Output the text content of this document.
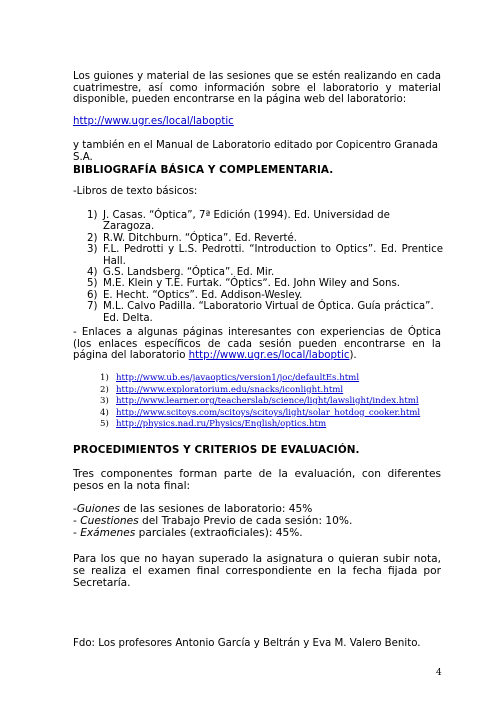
Los guiones y material de las sesiones que se estén realizando en cada cuatrimestre, así como información sobre el laboratorio y material disponible, pueden encontrarse en la página web del laboratorio:
http://www.ugr.es/local/laboptic
y también en el Manual de Laboratorio editado por Copicentro Granada S.A.
BIBLIOGRAFÍA BÁSICA Y COMPLEMENTARIA.
-Libros de texto básicos:
1) J. Casas. “Óptica”, 7ª Edición (1994). Ed. Universidad de Zaragoza.
2) R.W. Ditchburn. “Óptica”. Ed. Reverté.
3) F.L. Pedrotti y L.S. Pedrotti. “Introduction to Optics”. Ed. Prentice Hall.
4) G.S. Landsberg. “Óptica”. Ed. Mir.
5) M.E. Klein y T.E. Furtak. “Ópticsˮ. Ed. John Wiley and Sons.
6) E. Hecht. “Optics”. Ed. Addison-Wesley.
7) M.L. Calvo Padilla. “Laboratorio Virtual de Óptica. Guía práctica”. Ed. Delta.
- Enlaces a algunas páginas interesantes con experiencias de Óptica (los enlaces específicos de cada sesión pueden encontrarse en la página del laboratorio http://www.ugr.es/local/laboptic).
1) http://www.ub.es/javaoptics/version1/joc/defaultEs.html
2) http://www.exploratorium.edu/snacks/iconlight.html
3) http://www.learner.org/teacherslab/science/light/lawslight/index.html
4) http://www.scitoys.com/scitoys/scitoys/light/solar_hotdog_cooker.html
5) http://physics.nad.ru/Physics/English/optics.htm
PROCEDIMIENTOS Y CRITERIOS DE EVALUACIÓN.
Tres componentes forman parte de la evaluación, con diferentes pesos en la nota final:
-Guiones de las sesiones de laboratorio: 45%
- Cuestiones del Trabajo Previo de cada sesión: 10%.
- Exámenes parciales (extraoficiales): 45%.
Para los que no hayan superado la asignatura o quieran subir nota, se realiza el examen final correspondiente en la fecha fijada por Secretaría.
Fdo: Los profesores Antonio García y Beltrán y Eva M. Valero Benito.
4
